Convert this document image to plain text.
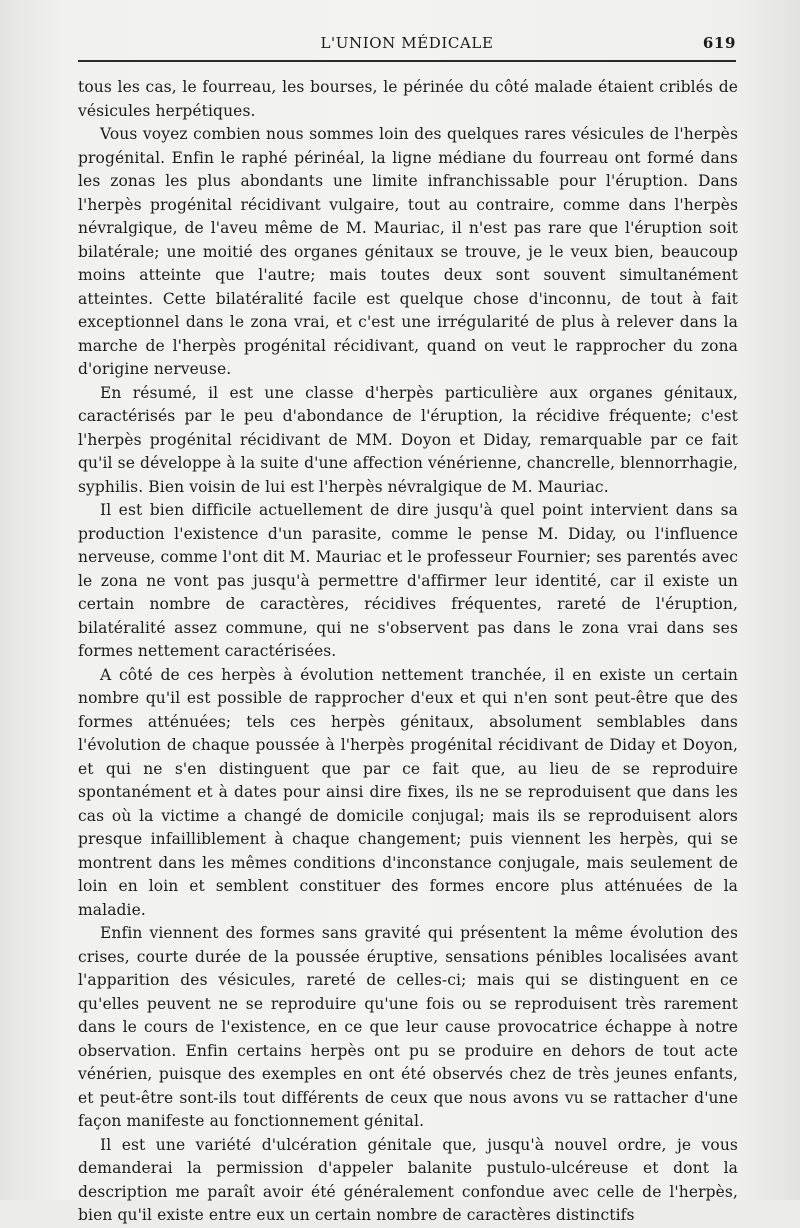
L'UNION MÉDICALE	619

tous les cas, le fourreau, les bourses, le périnée du côté malade étaient criblés de vésicules herpétiques.

Vous voyez combien nous sommes loin des quelques rares vésicules de l'herpès progénital. Enfin le raphé périnéal, la ligne médiane du fourreau ont formé dans les zonas les plus abondants une limite infranchissable pour l'éruption. Dans l'herpès progénital récidivant vulgaire, tout au contraire, comme dans l'herpès névralgique, de l'aveu même de M. Mauriac, il n'est pas rare que l'éruption soit bilatérale; une moitié des organes génitaux se trouve, je le veux bien, beaucoup moins atteinte que l'autre; mais toutes deux sont souvent simultanément atteintes. Cette bilatéralité facile est quelque chose d'inconnu, de tout à fait exceptionnel dans le zona vrai, et c'est une irrégularité de plus à relever dans la marche de l'herpès progénital récidivant, quand on veut le rapprocher du zona d'origine nerveuse.

En résumé, il est une classe d'herpès particulière aux organes génitaux, caractérisés par le peu d'abondance de l'éruption, la récidive fréquente; c'est l'herpès progénital récidivant de MM. Doyon et Diday, remarquable par ce fait qu'il se développe à la suite d'une affection vénérienne, chancrelle, blennorrhagie, syphilis. Bien voisin de lui est l'herpès névralgique de M. Mauriac.

Il est bien difficile actuellement de dire jusqu'à quel point intervient dans sa production l'existence d'un parasite, comme le pense M. Diday, ou l'influence nerveuse, comme l'ont dit M. Mauriac et le professeur Fournier; ses parentés avec le zona ne vont pas jusqu'à permettre d'affirmer leur identité, car il existe un certain nombre de caractères, récidives fréquentes, rareté de l'éruption, bilatéralité assez commune, qui ne s'observent pas dans le zona vrai dans ses formes nettement caractérisées.

A côté de ces herpès à évolution nettement tranchée, il en existe un certain nombre qu'il est possible de rapprocher d'eux et qui n'en sont peut-être que des formes atténuées; tels ces herpès génitaux, absolument semblables dans l'évolution de chaque poussée à l'herpès progénital récidivant de Diday et Doyon, et qui ne s'en distinguent que par ce fait que, au lieu de se reproduire spontanément et à dates pour ainsi dire fixes, ils ne se reproduisent que dans les cas où la victime a changé de domicile conjugal; mais ils se reproduisent alors presque infailliblement à chaque changement; puis viennent les herpès, qui se montrent dans les mêmes conditions d'inconstance conjugale, mais seulement de loin en loin et semblent constituer des formes encore plus atténuées de la maladie.

Enfin viennent des formes sans gravité qui présentent la même évolution des crises, courte durée de la poussée éruptive, sensations pénibles localisées avant l'apparition des vésicules, rareté de celles-ci; mais qui se distinguent en ce qu'elles peuvent ne se reproduire qu'une fois ou se reproduisent très rarement dans le cours de l'existence, en ce que leur cause provocatrice échappe à notre observation. Enfin certains herpès ont pu se produire en dehors de tout acte vénérien, puisque des exemples en ont été observés chez de très jeunes enfants, et peut-être sont-ils tout différents de ceux que nous avons vu se rattacher d'une façon manifeste au fonctionnement génital.

Il est une variété d'ulcération génitale que, jusqu'à nouvel ordre, je vous demanderai la permission d'appeler balanite pustulo-ulcéreuse et dont la description me paraît avoir été généralement confondue avec celle de l'herpès, bien qu'il existe entre eux un certain nombre de caractères distinctifs
